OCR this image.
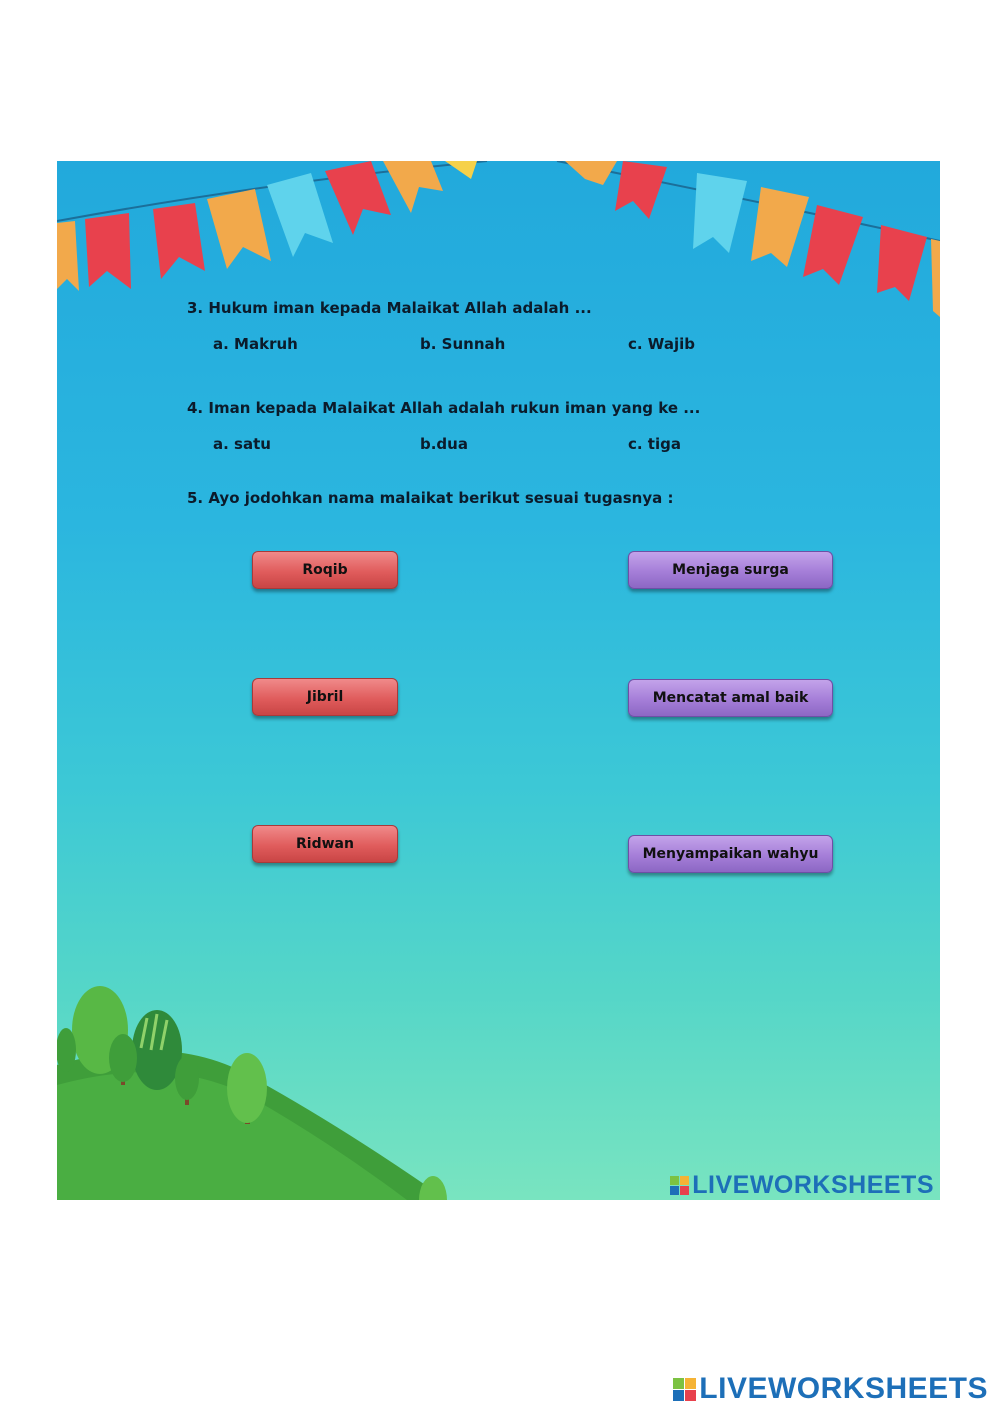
3. Hukum iman kepada Malaikat Allah adalah ...
a. Makruh	b. Sunnah	c. Wajib
4. Iman kepada Malaikat Allah adalah rukun iman yang ke ...
a. satu	b.dua	c. tiga
5. Ayo jodohkan nama malaikat berikut sesuai tugasnya :
Roqib
Jibril
Ridwan
Menjaga surga
Mencatat amal baik
Menyampaikan wahyu
LIVEWORKSHEETS
LIVEWORKSHEETS
